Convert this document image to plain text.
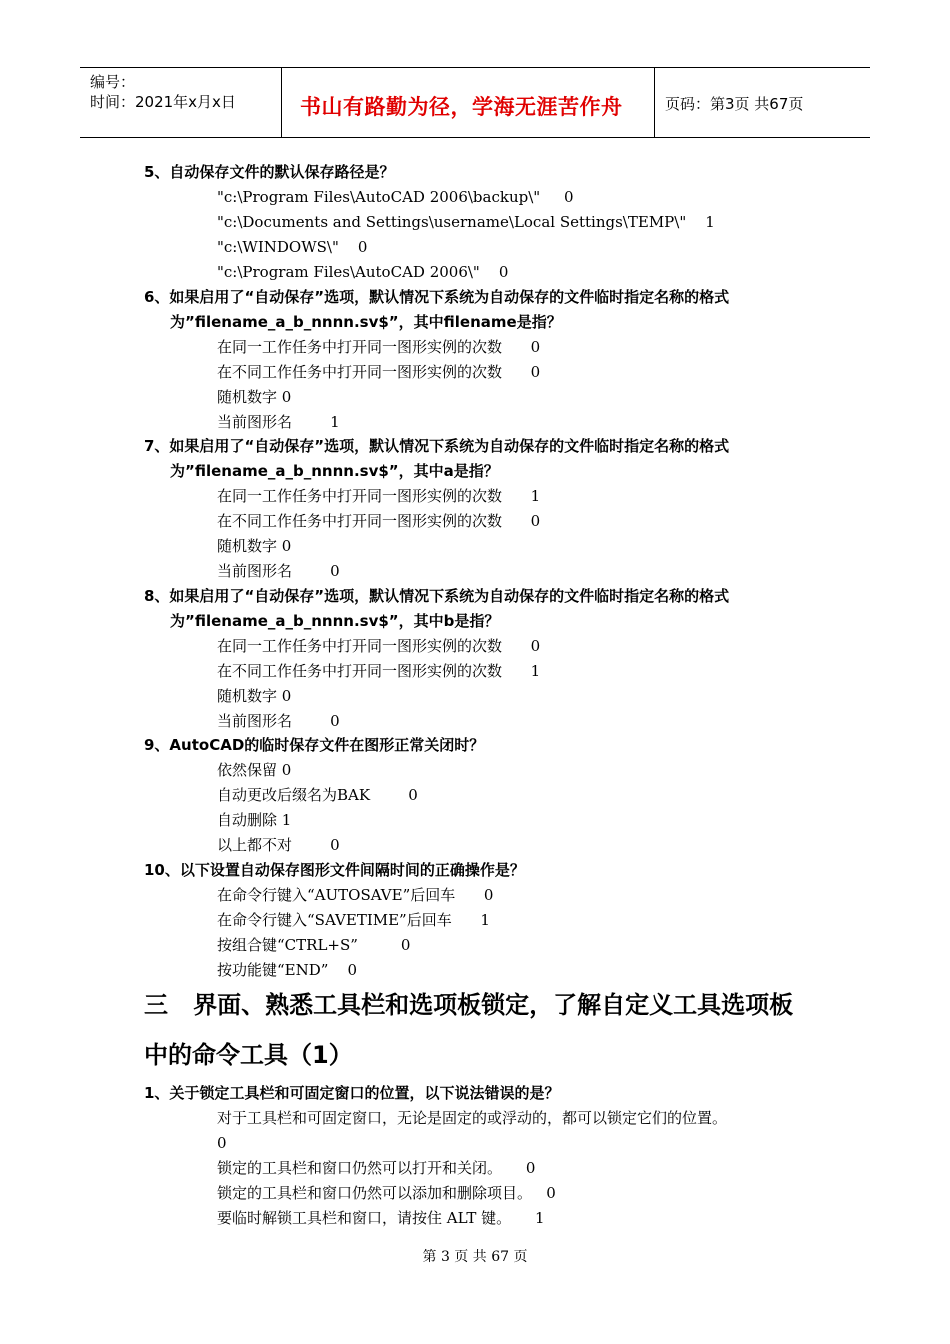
编号：
时间：2021年x月x日	书山有路勤为径，学海无涯苦作舟	页码：第3页 共67页
5、自动保存文件的默认保存路径是？
"c:\Program Files\AutoCAD 2006\backup\"     0
"c:\Documents and Settings\username\Local Settings\TEMP\"    1
"c:\WINDOWS\"    0
"c:\Program Files\AutoCAD 2006\"    0
6、如果启用了“自动保存”选项，默认情况下系统为自动保存的文件临时指定名称的格式
为”filename_a_b_nnnn.sv$”，其中filename是指？
在同一工作任务中打开同一图形实例的次数      0
在不同工作任务中打开同一图形实例的次数      0
随机数字 0
当前图形名        1
7、如果启用了“自动保存”选项，默认情况下系统为自动保存的文件临时指定名称的格式
为”filename_a_b_nnnn.sv$”，其中a是指？
在同一工作任务中打开同一图形实例的次数      1
在不同工作任务中打开同一图形实例的次数      0
随机数字 0
当前图形名        0
8、如果启用了“自动保存”选项，默认情况下系统为自动保存的文件临时指定名称的格式
为”filename_a_b_nnnn.sv$”，其中b是指？
在同一工作任务中打开同一图形实例的次数      0
在不同工作任务中打开同一图形实例的次数      1
随机数字 0
当前图形名        0
9、AutoCAD的临时保存文件在图形正常关闭时？
依然保留 0
自动更改后缀名为BAK        0
自动删除 1
以上都不对        0
10、以下设置自动保存图形文件间隔时间的正确操作是？
在命令行键入“AUTOSAVE”后回车      0
在命令行键入“SAVETIME”后回车      1
按组合键“CTRL+S”         0
按功能键“END”    0
三   界面、熟悉工具栏和选项板锁定，了解自定义工具选项板
中的命令工具（1）
1、关于锁定工具栏和可固定窗口的位置，以下说法错误的是？
对于工具栏和可固定窗口，无论是固定的或浮动的，都可以锁定它们的位置。
0
锁定的工具栏和窗口仍然可以打开和关闭。     0
锁定的工具栏和窗口仍然可以添加和删除项目。   0
要临时解锁工具栏和窗口，请按住 ALT 键。     1
第 3 页 共 67 页
